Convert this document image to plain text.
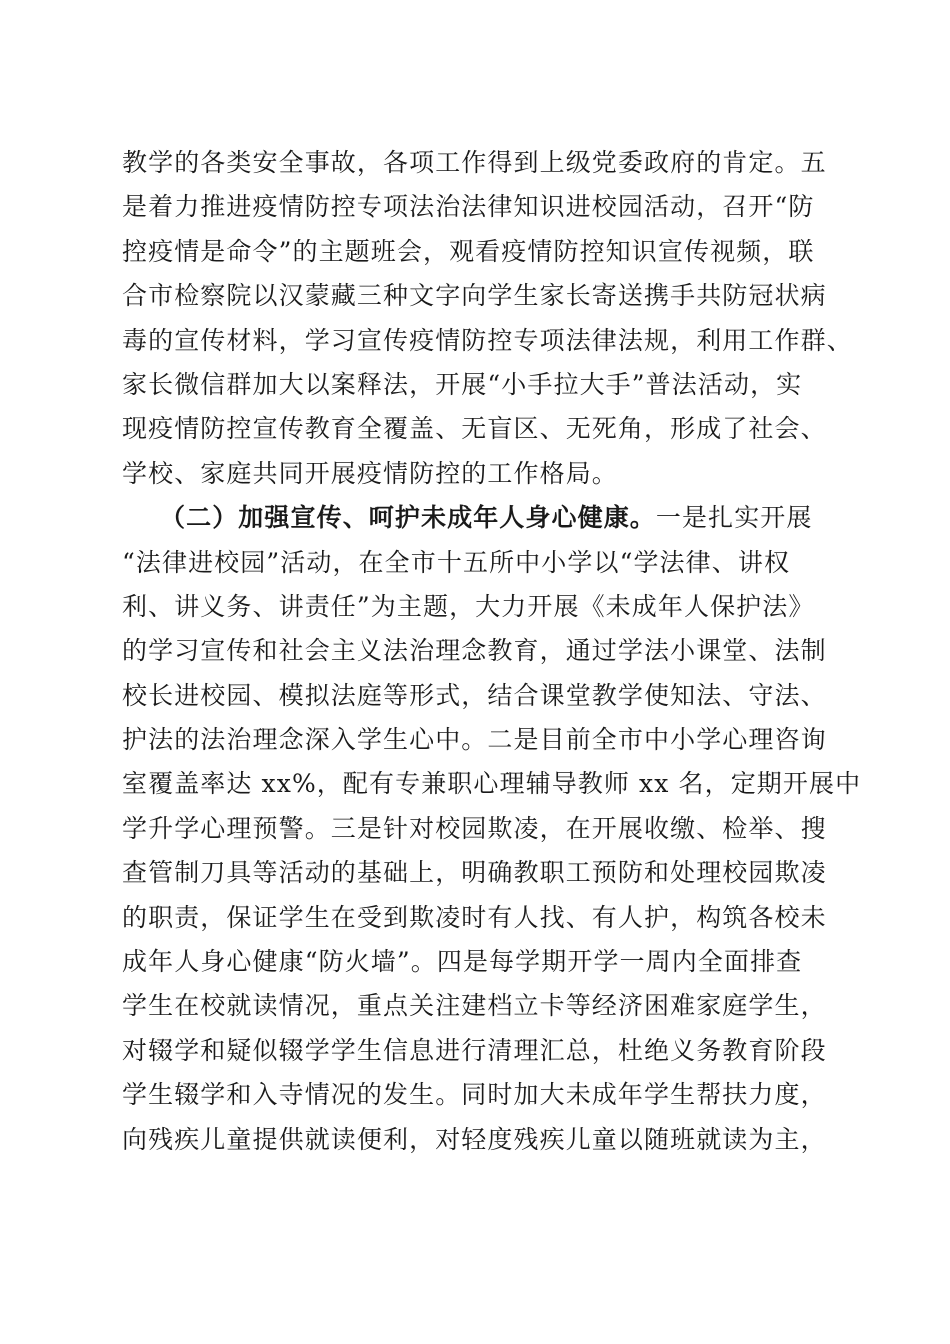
教学的各类安全事故，各项工作得到上级党委政府的肯定。五
是着力推进疫情防控专项法治法律知识进校园活动，召开“防
控疫情是命令”的主题班会，观看疫情防控知识宣传视频，联
合市检察院以汉蒙藏三种文字向学生家长寄送携手共防冠状病
毒的宣传材料，学习宣传疫情防控专项法律法规，利用工作群、
家长微信群加大以案释法，开展“小手拉大手”普法活动，实
现疫情防控宣传教育全覆盖、无盲区、无死角，形成了社会、
学校、家庭共同开展疫情防控的工作格局。
（二）加强宣传、呵护未成年人身心健康。一是扎实开展
“法律进校园”活动，在全市十五所中小学以“学法律、讲权
利、讲义务、讲责任”为主题，大力开展《未成年人保护法》
的学习宣传和社会主义法治理念教育，通过学法小课堂、法制
校长进校园、模拟法庭等形式，结合课堂教学使知法、守法、
护法的法治理念深入学生心中。二是目前全市中小学心理咨询
室覆盖率达 xx%，配有专兼职心理辅导教师 xx 名，定期开展中
学升学心理预警。三是针对校园欺凌，在开展收缴、检举、搜
查管制刀具等活动的基础上，明确教职工预防和处理校园欺凌
的职责，保证学生在受到欺凌时有人找、有人护，构筑各校未
成年人身心健康“防火墙”。四是每学期开学一周内全面排查
学生在校就读情况，重点关注建档立卡等经济困难家庭学生，
对辍学和疑似辍学学生信息进行清理汇总，杜绝义务教育阶段
学生辍学和入寺情况的发生。同时加大未成年学生帮扶力度，
向残疾儿童提供就读便利，对轻度残疾儿童以随班就读为主，
